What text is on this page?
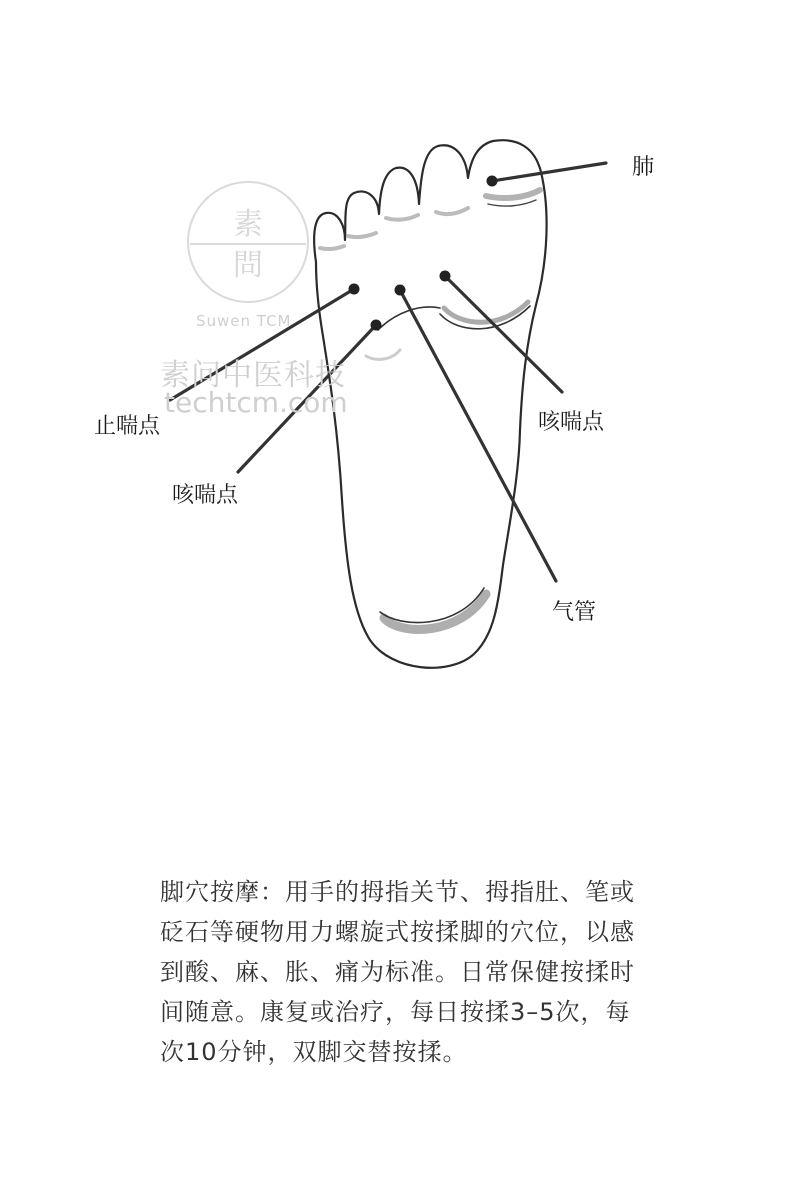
素
問
Suwen TCM
素问中医科技
techtcm.com
肺
止喘点
咳喘点
咳喘点
气管
脚穴按摩：用手的拇指关节、拇指肚、笔或砭石等硬物用力螺旋式按揉脚的穴位，以感到酸、麻、胀、痛为标准。日常保健按揉时间随意。康复或治疗，每日按揉3–5次，每次10分钟，双脚交替按揉。
